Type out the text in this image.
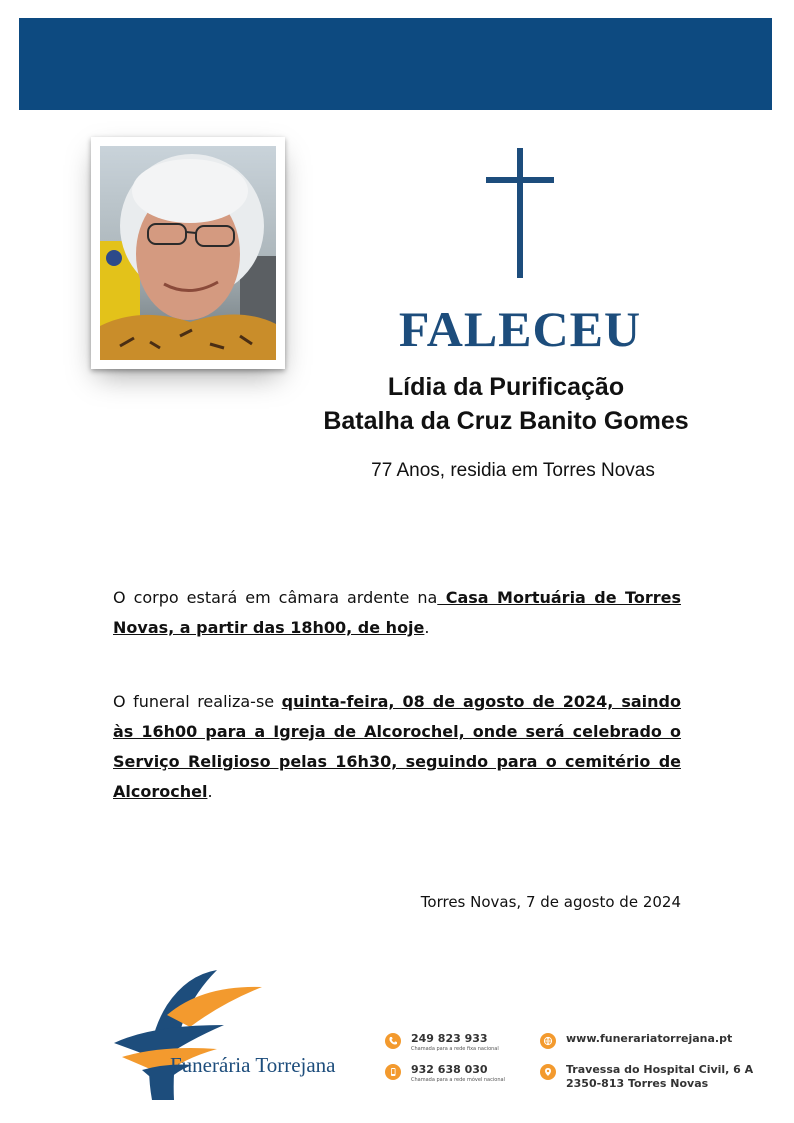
FALECEU
Lídia da Purificação
Batalha da Cruz Banito Gomes
77 Anos, residia em Torres Novas
O corpo estará em câmara ardente na Casa Mortuária de Torres Novas, a partir das 18h00, de hoje.
O funeral realiza-se quinta-feira, 08 de agosto de 2024, saindo às 16h00 para a Igreja de Alcorochel, onde será celebrado o Serviço Religioso pelas 16h30, seguindo para o cemitério de Alcorochel.
Torres Novas, 7 de agosto de 2024
Funerária Torrejana
249 823 933
Chamada para a rede fixa nacional
932 638 030
Chamada para a rede móvel nacional
www.funerariatorrejana.pt
Travessa do Hospital Civil, 6 A
2350-813 Torres Novas
